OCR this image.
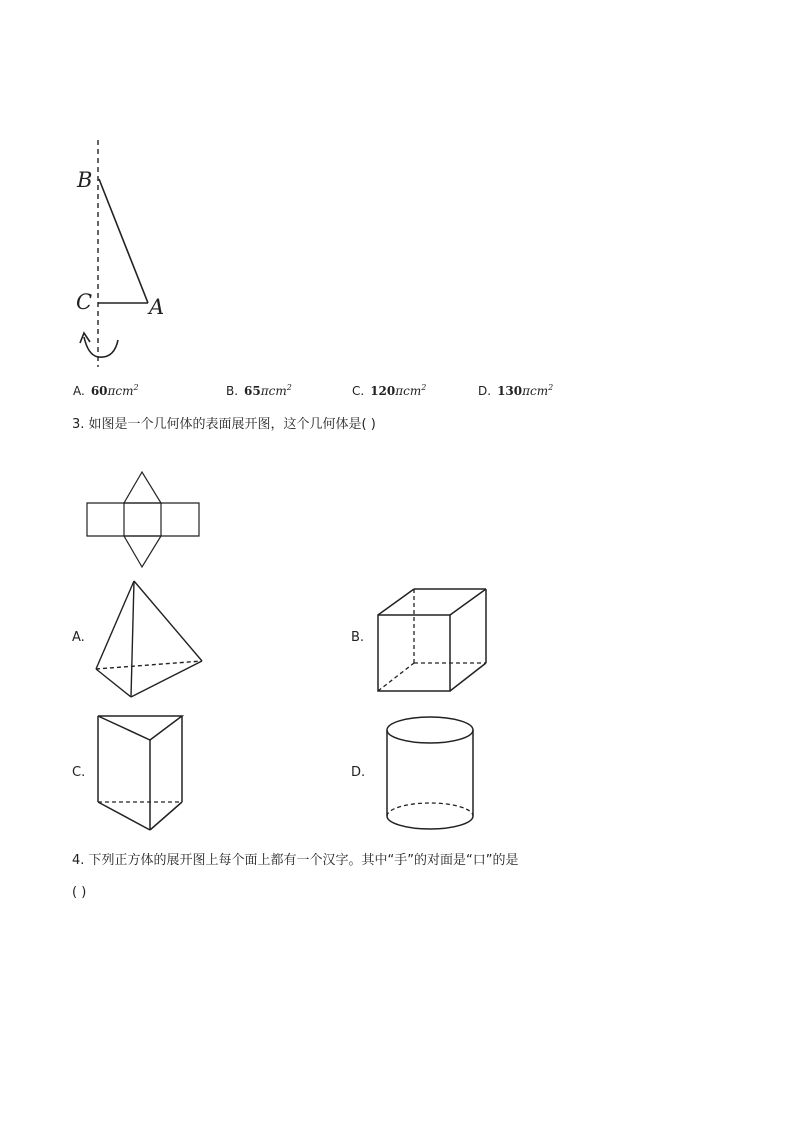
B
C	A
A. 60πcm$^2$	B. 65πcm$^2$	C. 120πcm$^2$	D. 130πcm$^2$
3. 如图是一个几何体的表面展开图，这个几何体是( )
A.	B.
C.	D.
4. 下列正方体的展开图上每个面上都有一个汉字。其中“手”的对面是“口”的是
( )
